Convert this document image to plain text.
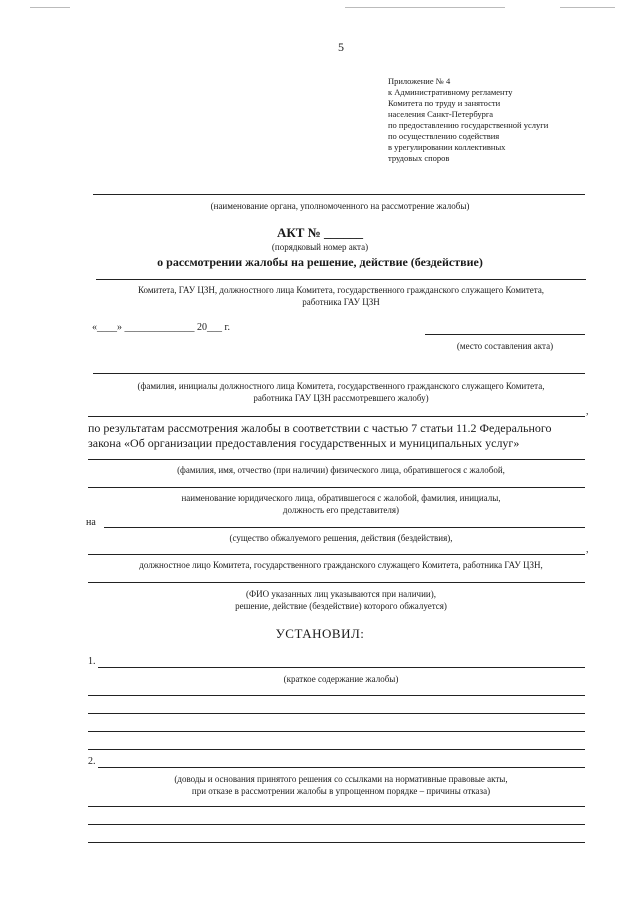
5
Приложение № 4
к Административному регламенту
Комитета по труду и занятости
населения Санкт-Петербурга
по предоставлению государственной услуги
по осуществлению содействия
в урегулировании коллективных
трудовых споров
(наименование органа, уполномоченного на рассмотрение жалобы)
АКТ № ______
(порядковый номер акта)
о рассмотрении жалобы на решение, действие (бездействие)
Комитета, ГАУ ЦЗН, должностного лица Комитета, государственного гражданского служащего Комитета,
работника ГАУ ЦЗН
«____» ______________ 20___ г.
(место составления акта)
(фамилия, инициалы должностного лица Комитета, государственного гражданского служащего Комитета,
работника ГАУ ЦЗН рассмотревшего жалобу)
,
по результатам рассмотрения жалобы в соответствии с частью 7 статьи 11.2 Федерального
закона «Об организации предоставления государственных и муниципальных услуг»
(фамилия, имя, отчество (при наличии) физического лица, обратившегося с жалобой,
наименование юридического лица, обратившегося с жалобой, фамилия, инициалы,
должность его представителя)
на
(существо обжалуемого решения, действия (бездействия),
,
должностное лицо Комитета, государственного гражданского служащего Комитета, работника ГАУ ЦЗН,
(ФИО указанных лиц указываются при наличии),
решение, действие (бездействие) которого обжалуется)
УСТАНОВИЛ:
1.
(краткое содержание жалобы)
2.
(доводы и основания принятого решения со ссылками на нормативные правовые акты,
при отказе в рассмотрении жалобы в упрощенном порядке – причины отказа)
